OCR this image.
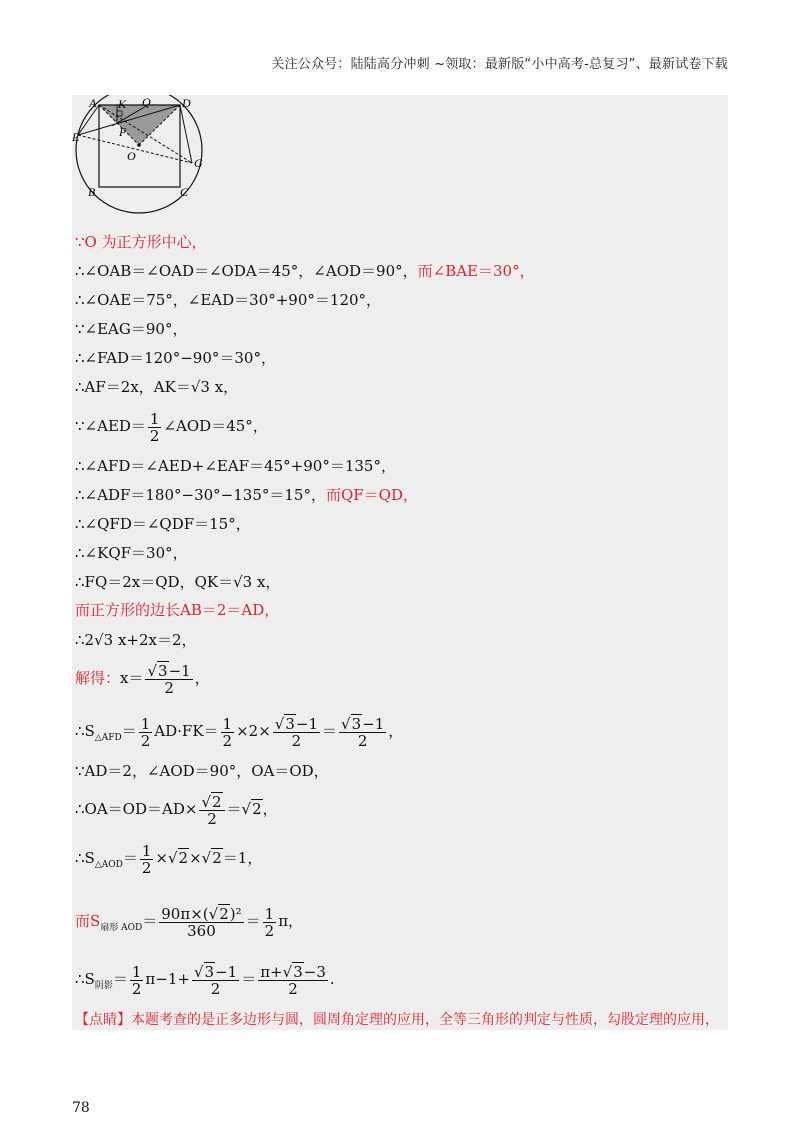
关注公众号：陆陆高分冲刺 ~领取：最新版“小中高考-总复习”、最新试卷下载
A K Q	D
E	F
O	G
B	C
∵O 为正方形中心，
∴∠OAB＝∠OAD＝∠ODA＝45°，∠AOD＝90°，而∠BAE＝30°，
∴∠OAE＝75°，∠EAD＝30°+90°＝120°，
∵∠EAG＝90°，
∴∠FAD＝120°−90°＝30°，
∴AF＝2x，AK＝√3 x，
∵∠AED＝ $\frac{1}{2}$ ∠AOD＝45°，
∴∠AFD＝∠AED+∠EAF＝45°+90°＝135°，
∴∠ADF＝180°−30°−135°＝15°，而QF＝QD，
∴∠QFD＝∠QDF＝15°，
∴∠KQF＝30°，
∴FQ＝2x＝QD，QK＝√3 x，
而正方形的边长AB＝2＝AD，
∴2√3 x+2x＝2，
解得：$x= \frac{√3-1}{2}$ ，
$\therefore S_{\triangle AFD}= \frac{1}{2} AD\cdot FK= \frac{1}{2} \times 2\times \frac{√3-1}{2} = \frac{√3-1}{2}$ ，
∵AD＝2，∠AOD＝90°，OA＝OD，
∴OA＝OD＝AD× $\frac{√2}{2} =√2$，
$\therefore S_{\triangle AOD}= \frac{1}{2} \times√2\times√2=1$，
而$S_{扇形 AOD}= \frac{\text{90π×(√2)²}}{360} = \frac{1}{2}$ π，
$\therefore S_{阴影}= \frac{1}{2} \pi-1+ \frac{√3-1}{2} = \frac{\pi+√3-3}{2}$ .
【点睛】本题考查的是正多边形与圆，圆周角定理的应用，全等三角形的判定与性质，勾股定理的应用，
78
